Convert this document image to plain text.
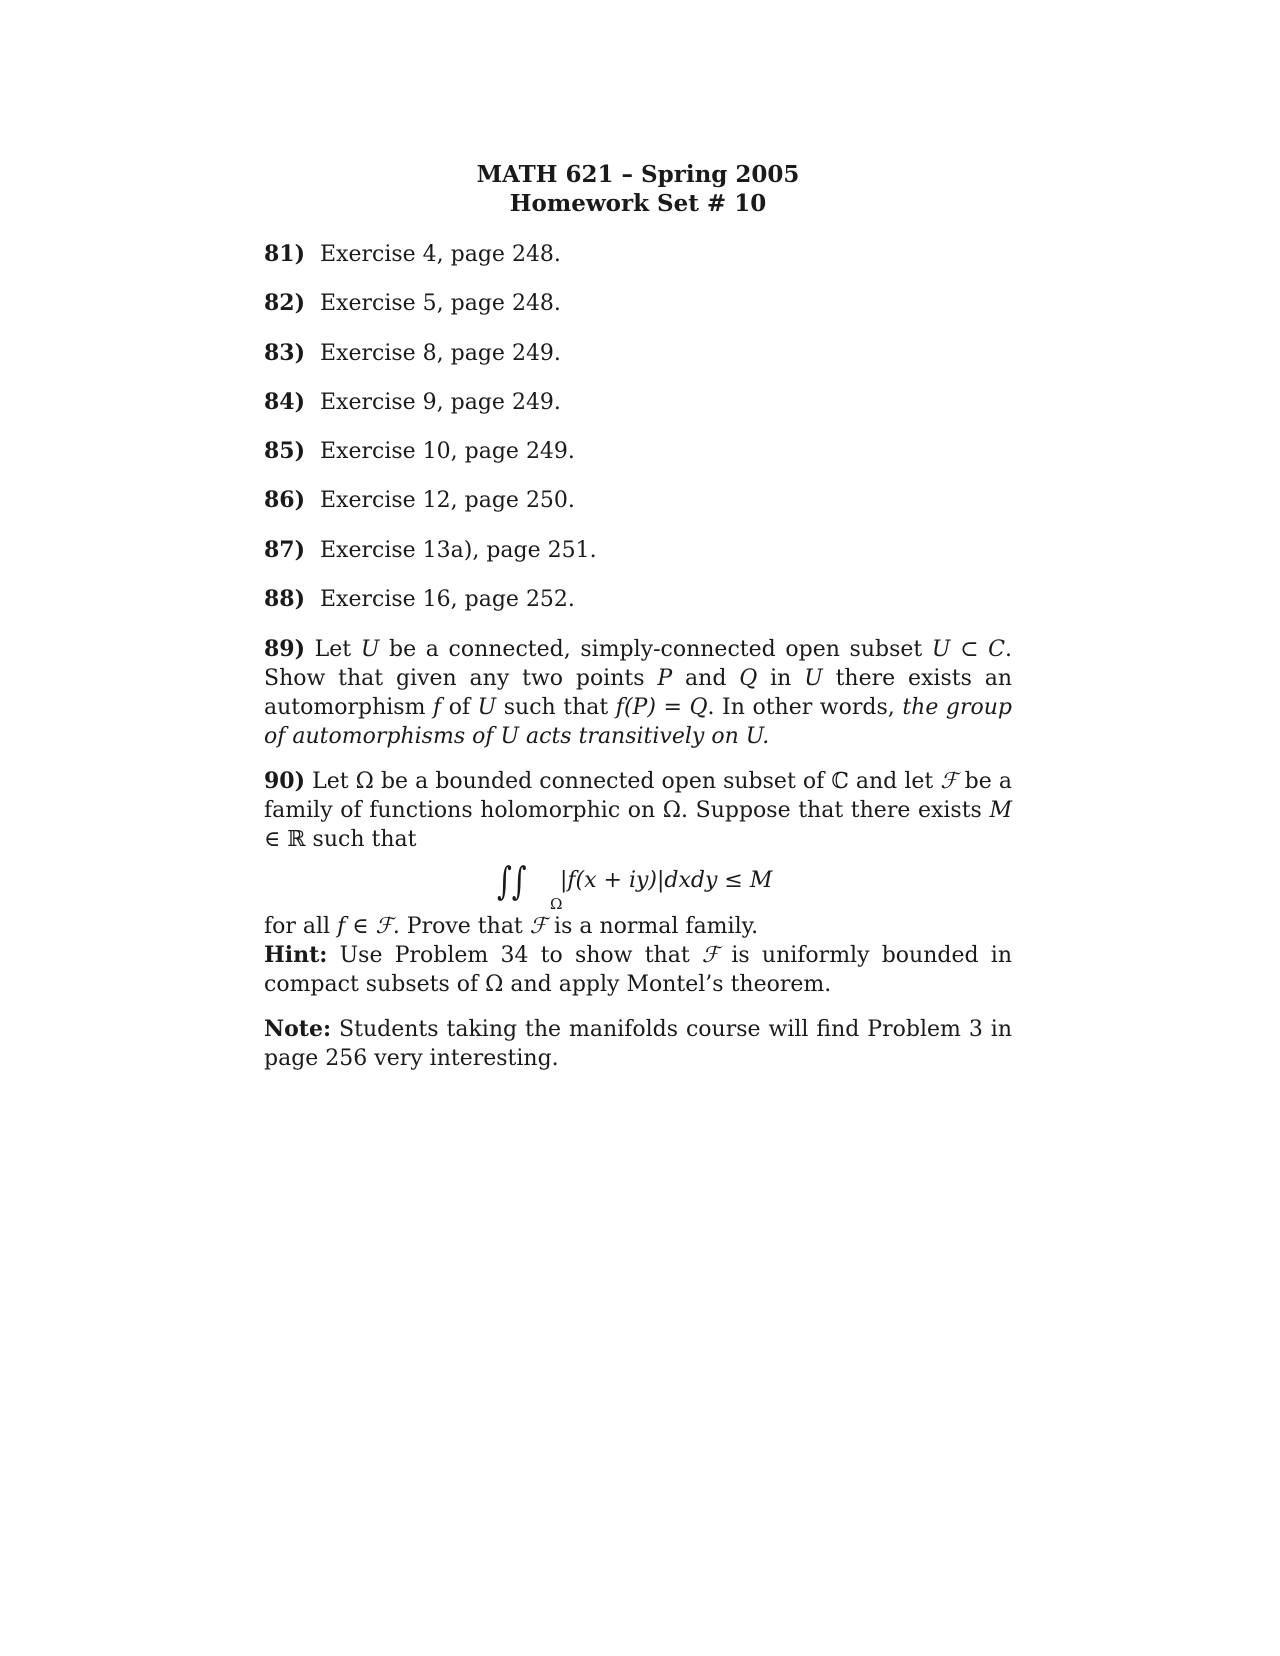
MATH 621 – Spring 2005
Homework Set # 10
81) Exercise 4, page 248.
82) Exercise 5, page 248.
83) Exercise 8, page 249.
84) Exercise 9, page 249.
85) Exercise 10, page 249.
86) Exercise 12, page 250.
87) Exercise 13a), page 251.
88) Exercise 16, page 252.
89) Let U be a connected, simply-connected open subset U ⊂ C. Show that given any two points P and Q in U there exists an automorphism f of U such that f(P) = Q. In other words, the group of automorphisms of U acts transitively on U.
90) Let Ω be a bounded connected open subset of ℂ and let ℱ be a family of functions holomorphic on Ω. Suppose that there exists M ∈ ℝ such that
∫∫
Ω
|f(x + iy)|dxdy ≤ M
for all f ∈ ℱ. Prove that ℱ is a normal family.
Hint: Use Problem 34 to show that ℱ is uniformly bounded in compact subsets of Ω and apply Montel’s theorem.
Note: Students taking the manifolds course will find Problem 3 in page 256 very interesting.
